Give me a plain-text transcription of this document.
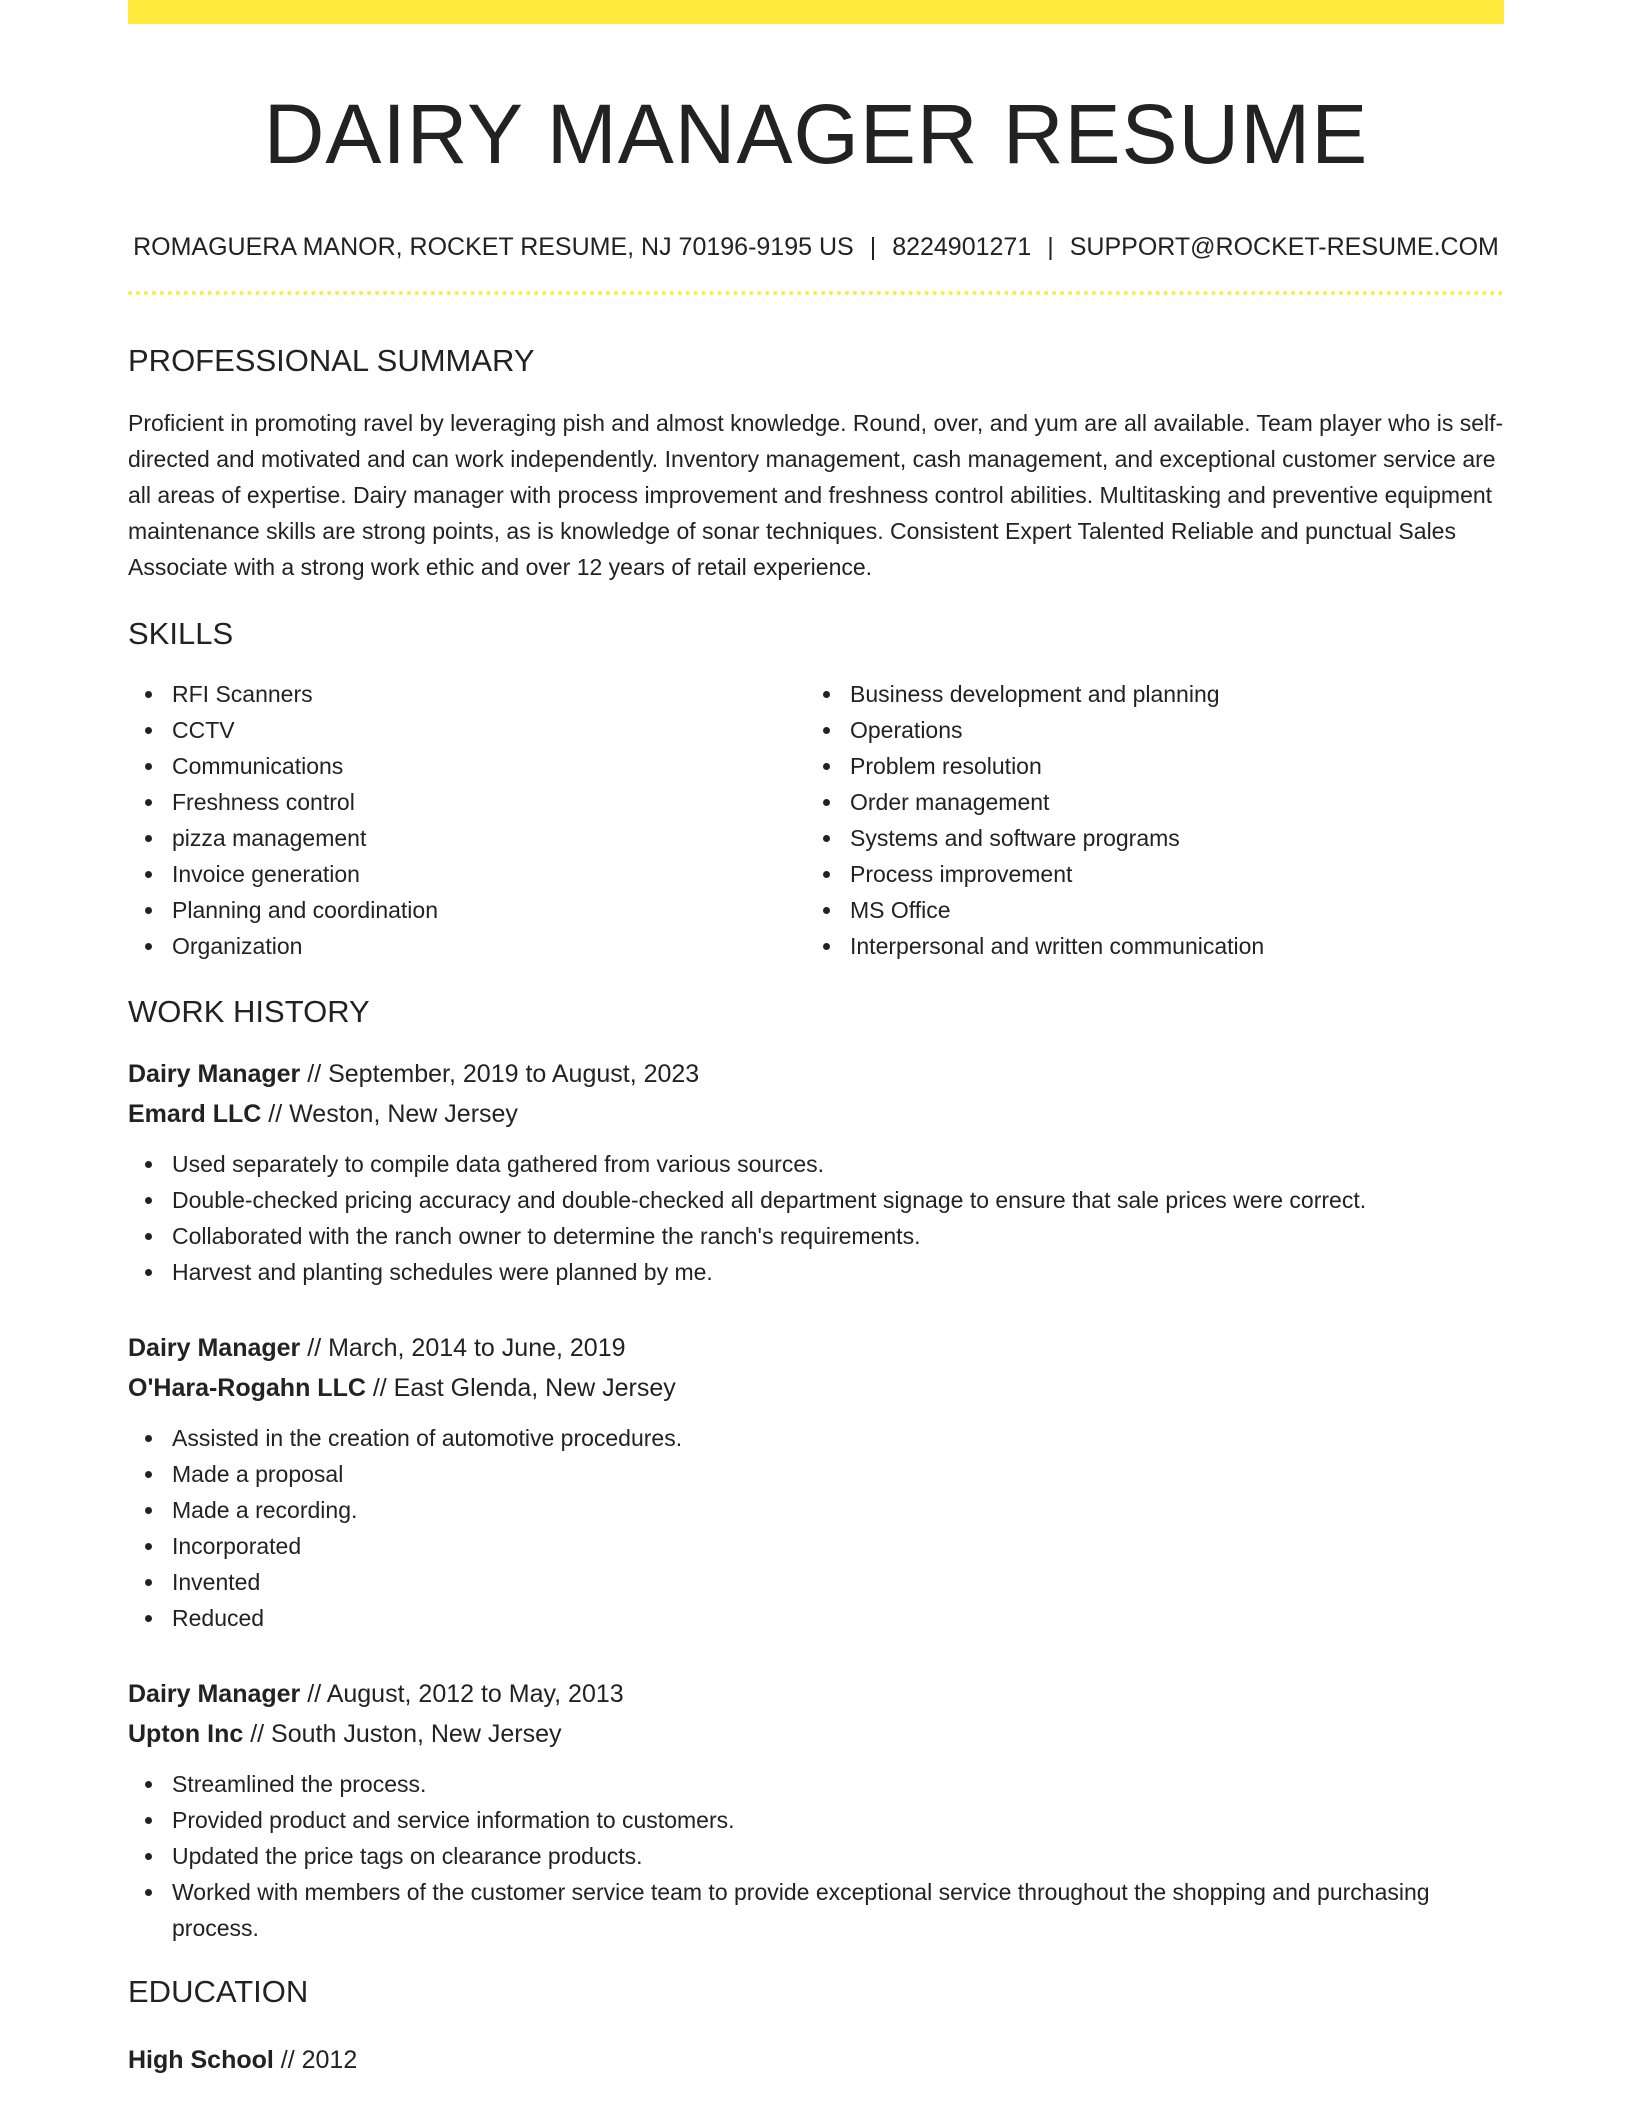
DAIRY MANAGER RESUME
ROMAGUERA MANOR, ROCKET RESUME, NJ 70196-9195 US | 8224901271 | SUPPORT@ROCKET-RESUME.COM
PROFESSIONAL SUMMARY

Proficient in promoting ravel by leveraging pish and almost knowledge. Round, over, and yum are all available. Team player who is self-directed and motivated and can work independently. Inventory management, cash management, and exceptional customer service are all areas of expertise. Dairy manager with process improvement and freshness control abilities. Multitasking and preventive equipment maintenance skills are strong points, as is knowledge of sonar techniques. Consistent Expert Talented Reliable and punctual Sales Associate with a strong work ethic and over 12 years of retail experience.

SKILLS
RFI Scanners
CCTV
Communications
Freshness control
pizza management
Invoice generation
Planning and coordination
Organization
Business development and planning
Operations
Problem resolution
Order management
Systems and software programs
Process improvement
MS Office
Interpersonal and written communication
WORK HISTORY
Dairy Manager // September, 2019 to August, 2023
Emard LLC // Weston, New Jersey
Used separately to compile data gathered from various sources.
Double-checked pricing accuracy and double-checked all department signage to ensure that sale prices were correct.
Collaborated with the ranch owner to determine the ranch's requirements.
Harvest and planting schedules were planned by me.
Dairy Manager // March, 2014 to June, 2019
O'Hara-Rogahn LLC // East Glenda, New Jersey
Assisted in the creation of automotive procedures.
Made a proposal
Made a recording.
Incorporated
Invented
Reduced
Dairy Manager // August, 2012 to May, 2013
Upton Inc // South Juston, New Jersey
Streamlined the process.
Provided product and service information to customers.
Updated the price tags on clearance products.
Worked with members of the customer service team to provide exceptional service throughout the shopping and purchasing process.
EDUCATION
High School // 2012
